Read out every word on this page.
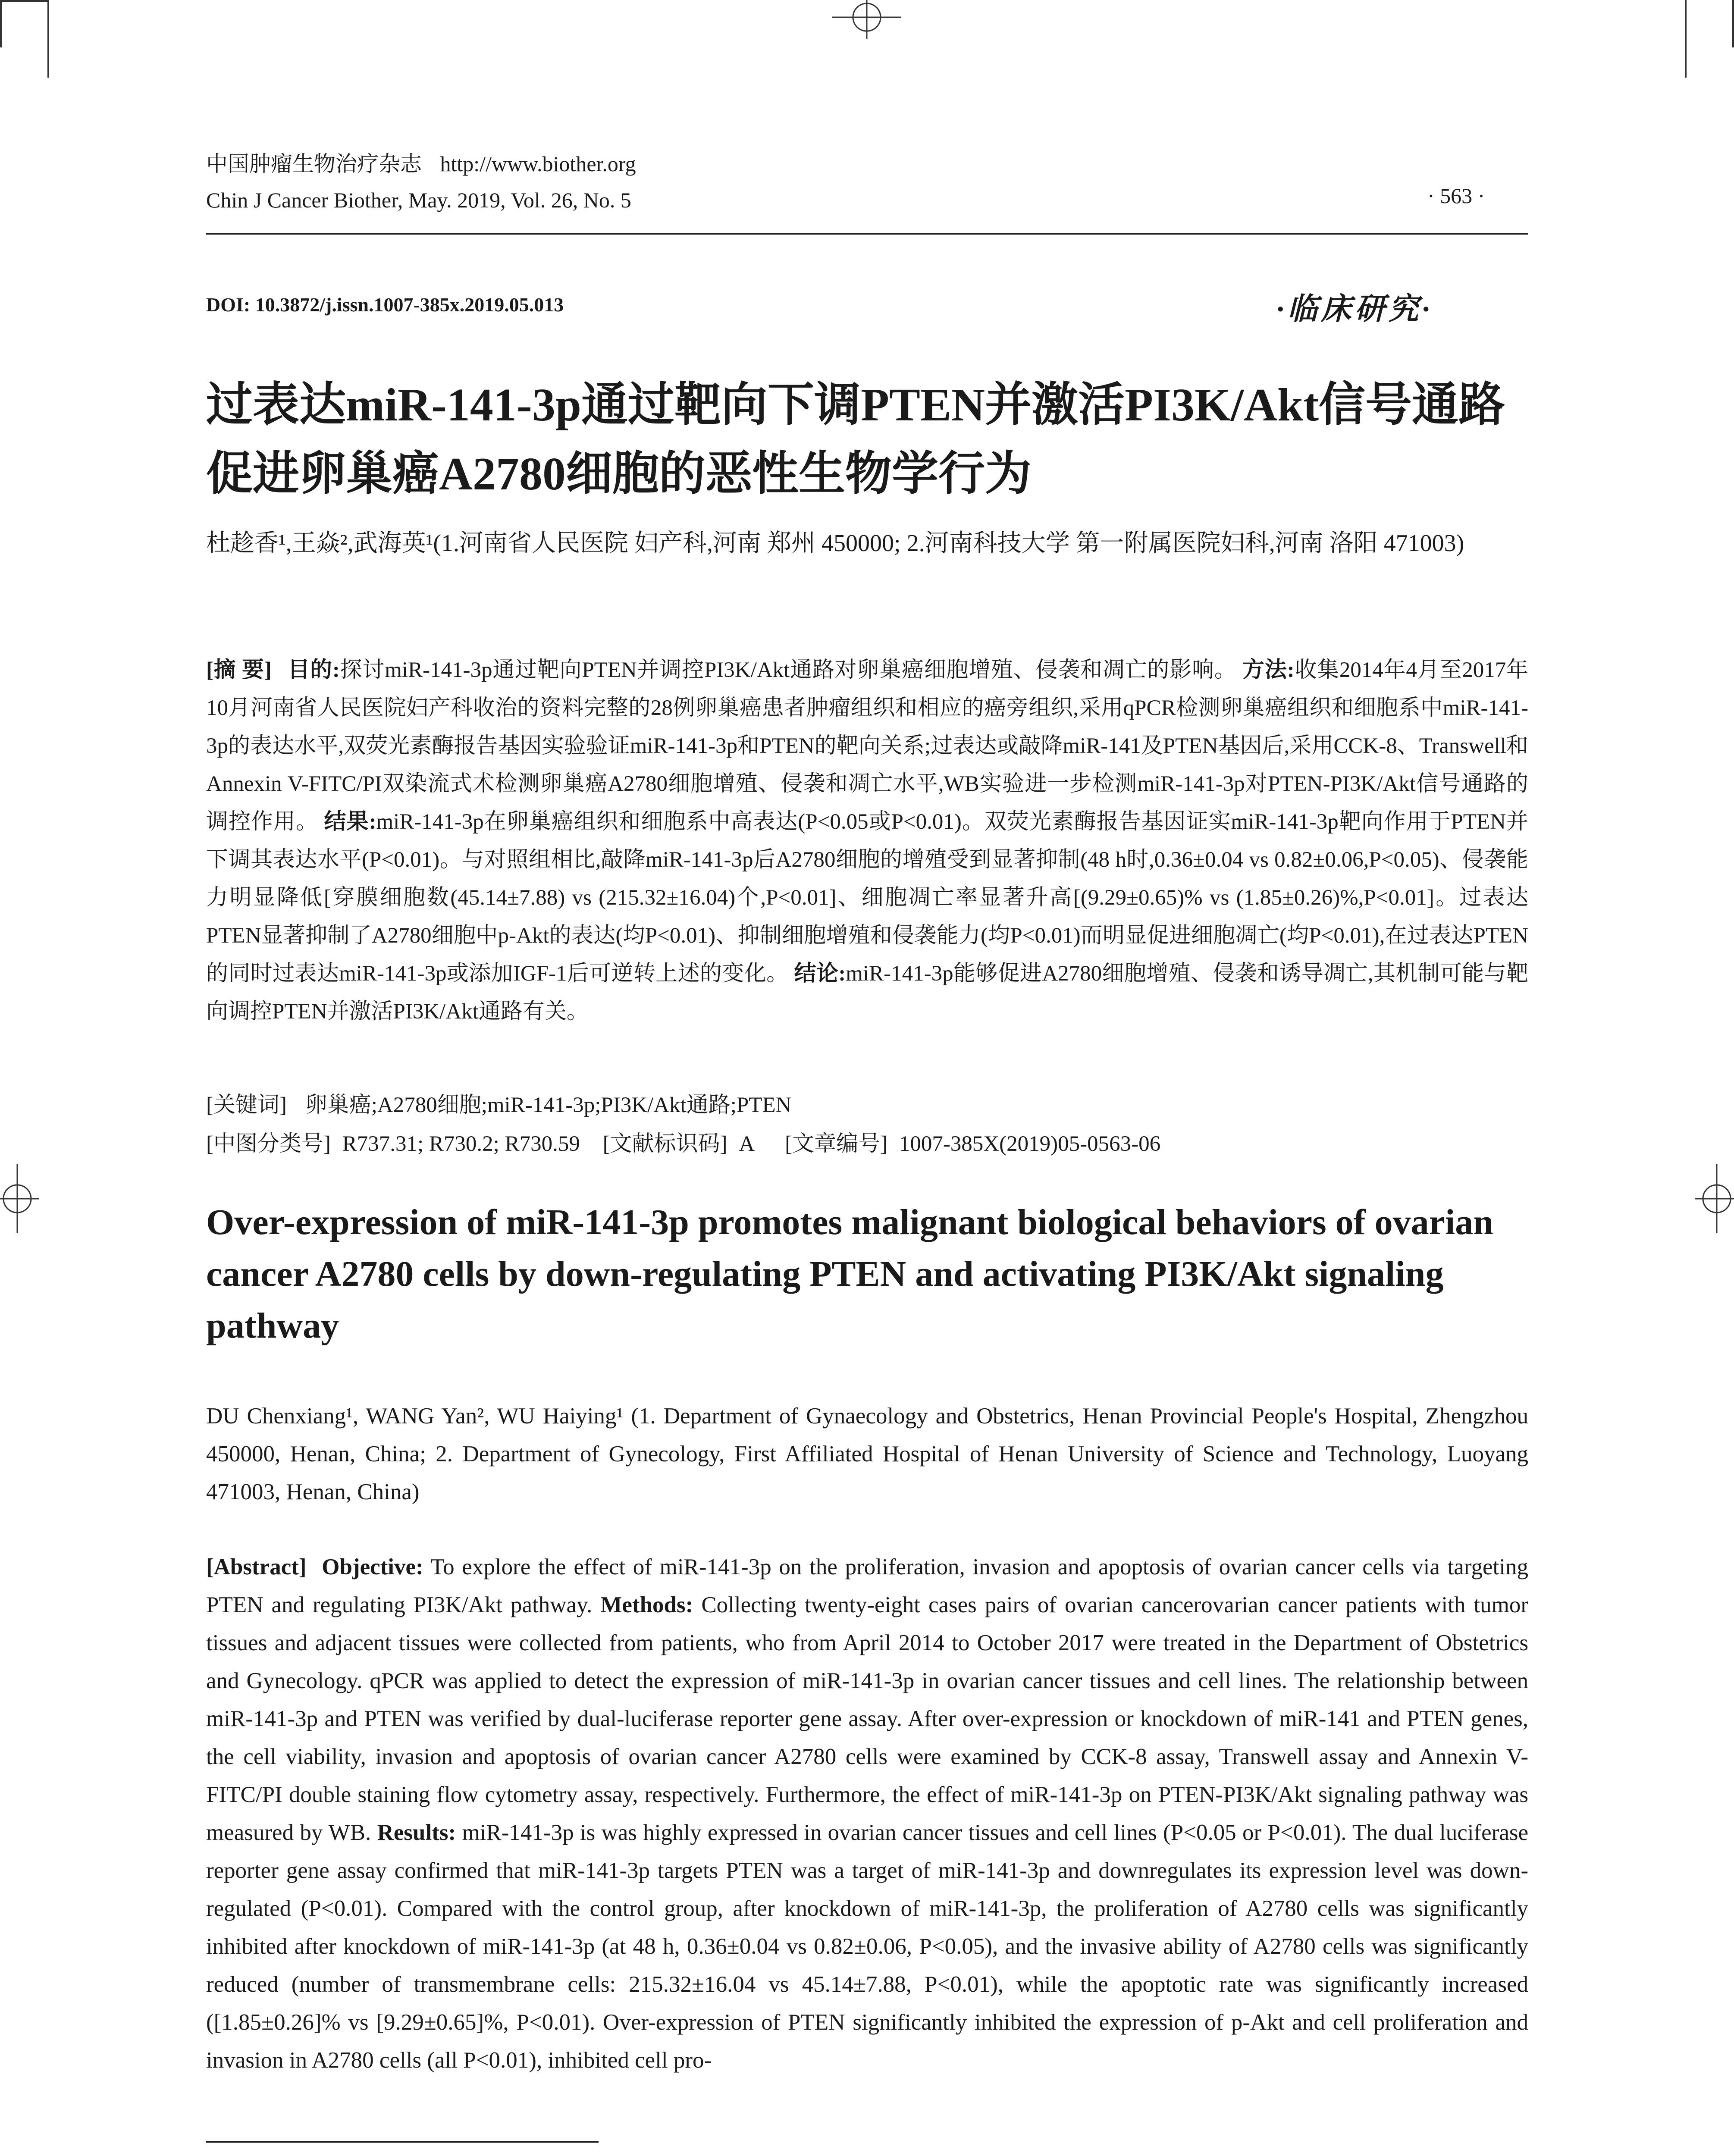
中国肿瘤生物治疗杂志 http://www.biother.org
Chin J Cancer Biother, May. 2019, Vol. 26, No. 5	· 563 ·
DOI: 10.3872/j.issn.1007-385x.2019.05.013	·临床研究·
过表达miR-141-3p通过靶向下调PTEN并激活PI3K/Akt信号通路促进卵巢癌A2780细胞的恶性生物学行为
杜趁香¹,王焱²,武海英¹(1.河南省人民医院 妇产科,河南 郑州 450000; 2.河南科技大学 第一附属医院妇科,河南 洛阳 471003)
[摘 要] 目的:探讨miR-141-3p通过靶向PTEN并调控PI3K/Akt通路对卵巢癌细胞增殖、侵袭和凋亡的影响。 方法:收集2014年4月至2017年10月河南省人民医院妇产科收治的资料完整的28例卵巢癌患者肿瘤组织和相应的癌旁组织,采用qPCR检测卵巢癌组织和细胞系中miR-141-3p的表达水平,双荧光素酶报告基因实验验证miR-141-3p和PTEN的靶向关系;过表达或敲降miR-141及PTEN基因后,采用CCK-8、Transwell和Annexin V-FITC/PI双染流式术检测卵巢癌A2780细胞增殖、侵袭和凋亡水平,WB实验进一步检测miR-141-3p对PTEN-PI3K/Akt信号通路的调控作用。 结果:miR-141-3p在卵巢癌组织和细胞系中高表达(P<0.05或P<0.01)。双荧光素酶报告基因证实miR-141-3p靶向作用于PTEN并下调其表达水平(P<0.01)。与对照组相比,敲降miR-141-3p后A2780细胞的增殖受到显著抑制(48 h时,0.36±0.04 vs 0.82±0.06,P<0.05)、侵袭能力明显降低[穿膜细胞数(45.14±7.88) vs (215.32±16.04)个,P<0.01]、细胞凋亡率显著升高[(9.29±0.65)% vs (1.85±0.26)%,P<0.01]。过表达PTEN显著抑制了A2780细胞中p-Akt的表达(均P<0.01)、抑制细胞增殖和侵袭能力(均P<0.01)而明显促进细胞凋亡(均P<0.01),在过表达PTEN的同时过表达miR-141-3p或添加IGF-1后可逆转上述的变化。 结论:miR-141-3p能够促进A2780细胞增殖、侵袭和诱导凋亡,其机制可能与靶向调控PTEN并激活PI3K/Akt通路有关。
[关键词] 卵巢癌;A2780细胞;miR-141-3p;PI3K/Akt通路;PTEN
[中图分类号] R737.31; R730.2; R730.59 [文献标识码] A [文章编号] 1007-385X(2019)05-0563-06
Over-expression of miR-141-3p promotes malignant biological behaviors of ovarian cancer A2780 cells by down-regulating PTEN and activating PI3K/Akt signaling pathway
DU Chenxiang¹, WANG Yan², WU Haiying¹ (1. Department of Gynaecology and Obstetrics, Henan Provincial People's Hospital, Zhengzhou 450000, Henan, China; 2. Department of Gynecology, First Affiliated Hospital of Henan University of Science and Technology, Luoyang 471003, Henan, China)
[Abstract] Objective: To explore the effect of miR-141-3p on the proliferation, invasion and apoptosis of ovarian cancer cells via targeting PTEN and regulating PI3K/Akt pathway. Methods: Collecting twenty-eight cases pairs of ovarian cancerovarian cancer patients with tumor tissues and adjacent tissues were collected from patients, who from April 2014 to October 2017 were treated in the Department of Obstetrics and Gynecology. qPCR was applied to detect the expression of miR-141-3p in ovarian cancer tissues and cell lines. The relationship between miR-141-3p and PTEN was verified by dual-luciferase reporter gene assay. After over-expression or knockdown of miR-141 and PTEN genes, the cell viability, invasion and apoptosis of ovarian cancer A2780 cells were examined by CCK-8 assay, Transwell assay and Annexin V-FITC/PI double staining flow cytometry assay, respectively. Furthermore, the effect of miR-141-3p on PTEN-PI3K/Akt signaling pathway was measured by WB. Results: miR-141-3p is was highly expressed in ovarian cancer tissues and cell lines (P<0.05 or P<0.01). The dual luciferase reporter gene assay confirmed that miR-141-3p targets PTEN was a target of miR-141-3p and downregulates its expression level was down-regulated (P<0.01). Compared with the control group, after knockdown of miR-141-3p, the proliferation of A2780 cells was significantly inhibited after knockdown of miR-141-3p (at 48 h, 0.36±0.04 vs 0.82±0.06, P<0.05), and the invasive ability of A2780 cells was significantly reduced (number of transmembrane cells: 215.32±16.04 vs 45.14±7.88, P<0.01), while the apoptotic rate was significantly increased ([1.85±0.26]% vs [9.29±0.65]%, P<0.01). Over-expression of PTEN significantly inhibited the expression of p-Akt and cell proliferation and invasion in A2780 cells (all P<0.01), inhibited cell pro-
